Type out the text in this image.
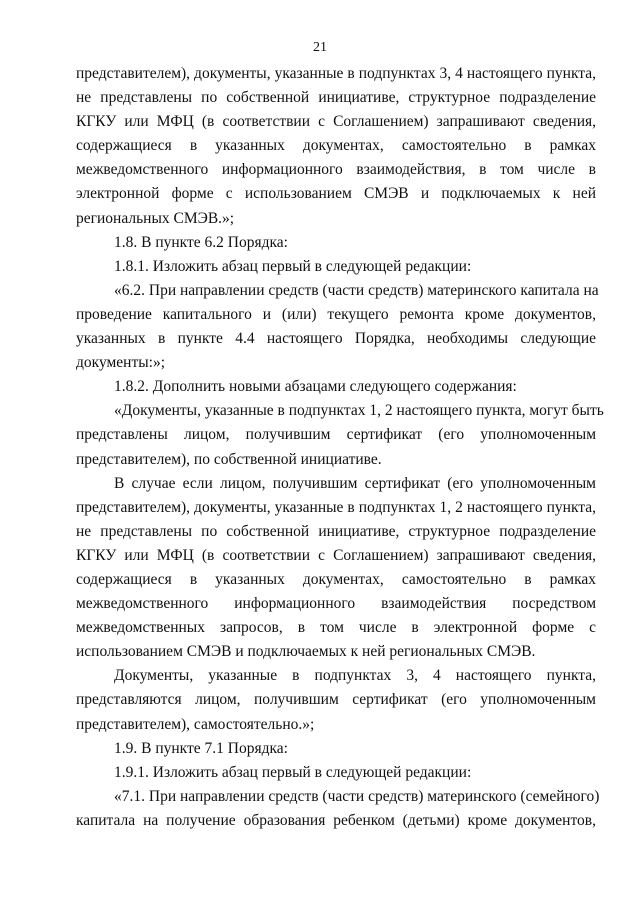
21
представителем), документы, указанные в подпунктах 3, 4 настоящего пункта,
не представлены по собственной инициативе, структурное подразделение
КГКУ или МФЦ (в соответствии с Соглашением) запрашивают сведения,
содержащиеся в указанных документах, самостоятельно в рамках
межведомственного информационного взаимодействия, в том числе в
электронной форме с использованием СМЭВ и подключаемых к ней
региональных СМЭВ.»;
1.8. В пункте 6.2 Порядка:
1.8.1. Изложить абзац первый в следующей редакции:
«6.2. При направлении средств (части средств) материнского капитала на
проведение капитального и (или) текущего ремонта кроме документов,
указанных в пункте 4.4 настоящего Порядка, необходимы следующие
документы:»;
1.8.2. Дополнить новыми абзацами следующего содержания:
«Документы, указанные в подпунктах 1, 2 настоящего пункта, могут быть
представлены лицом, получившим сертификат (его уполномоченным
представителем), по собственной инициативе.
В случае если лицом, получившим сертификат (его уполномоченным
представителем), документы, указанные в подпунктах 1, 2 настоящего пункта,
не представлены по собственной инициативе, структурное подразделение
КГКУ или МФЦ (в соответствии с Соглашением) запрашивают сведения,
содержащиеся в указанных документах, самостоятельно в рамках
межведомственного информационного взаимодействия посредством
межведомственных запросов, в том числе в электронной форме с
использованием СМЭВ и подключаемых к ней региональных СМЭВ.
Документы, указанные в подпунктах 3, 4 настоящего пункта,
представляются лицом, получившим сертификат (его уполномоченным
представителем), самостоятельно.»;
1.9. В пункте 7.1 Порядка:
1.9.1. Изложить абзац первый в следующей редакции:
«7.1. При направлении средств (части средств) материнского (семейного)
капитала на получение образования ребенком (детьми) кроме документов,
